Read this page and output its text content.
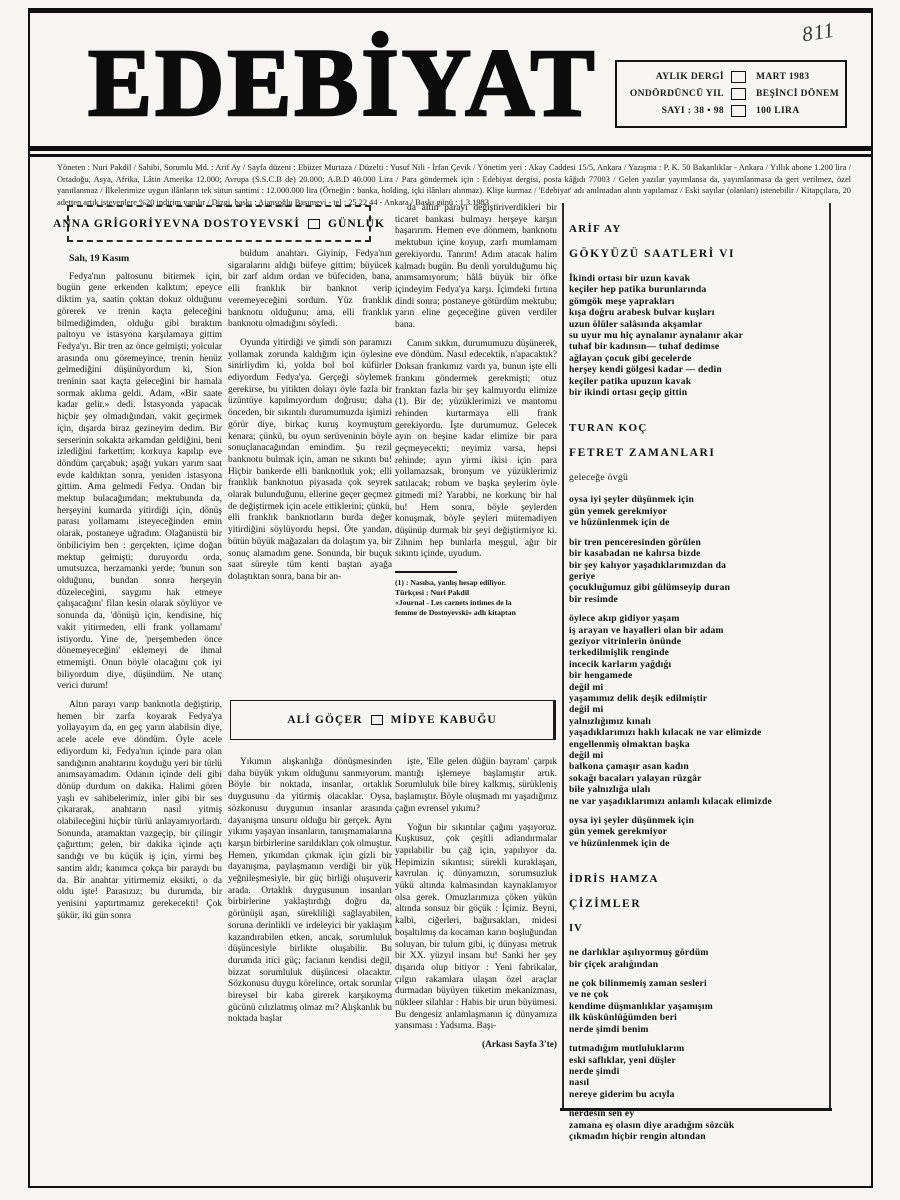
811
EDEBİYAT	AYLIK DERGİ	MART 1983
ONDÖRDÜNCÜ YIL	BEŞİNCİ DÖNEM
SAYI : 38 • 98	100 LIRA
Yöneten : Nuri Pakdil / Sahibi, Sorumlu Md. : Arif Ay / Sayfa düzeni : Ebüzer Murtaza / Düzelti : Yusuf Nili - İrfan Çevik / Yönetim yeri : Akay Caddesi 15/5, Ankara / Yazışma : P. K. 50 Bakanlıklar - Ankara / Yıllık abone 1.200 lira / Ortadoğu, Asya, Afrika, Lâtin Amerika 12.000; Avrupa (S.S.C.B de) 20.000; A.B.D 40.000 Lira / Para göndermek için : Edebiyat dergisi, posta kâğıdı 77003 / Gelen yazılar yayımlansa da, yayımlanmasa da geri verilmez, özel yanıtlanmaz / İlkelerimize uygun ilânların tek sütun santimi : 12.000.000 lira (Örneğin : banka, holding, içki ilânları alınmaz). Klişe kurmaz / 'Edebiyat' adı anılmadan alıntı yapılamaz / Eski sayılar (olanları) istenebilir / Kitapçılara, 20 adetten artık isteyenlere %20 indirim yapılır / Dizgi, baskı : Ajansoğlu Basımevi - tel : 25 22 44 - Ankara / Baskı günü : 1.3.1983
ANNA GRİGORİYEVNA DOSTOYEVSKİ GÜNLÜK

Salı, 19 Kasım

Fedya'nın paltosunu bitirmek için, bugün gene erkenden kalktım; epeyce diktim ya, saatin çoktan dokuz olduğunu görerek ve trenin kaçta geleceğini bilmediğimden, olduğu gibi bıraktım paltoyu ve istasyona karşılamaya gittim Fedya'yı. Bir tren az önce gelmişti; yolcular arasında onu göremeyince, trenin henüz gelmediğini düşünüyordum ki, Sion treninin saat kaçta geleceğini bir hamala sormak aklıma geldi. Adam, «Bir saate kadar gelir.» dedi. İstasyonda yapacak hiçbir şey olmadığından, vakit geçirmek için, dışarda biraz gezineyim dedim. Bir serserinin sokakta arkamdan geldiğini, beni izlediğini farkettim; korkuya kapılıp eve döndüm çarçabuk; aşağı yukarı yarım saat evde kaldıktan sonra, yeniden istasyona gittim. Ama gelmedi Fedya. Ondan bir mektup bulacağımdan; mektubunda da, herşeyini kumarda yitirdiği için, dönüş parası yollamamı isteyeceğinden emin olarak, postaneye uğradım. Olağanüstü bir önbiliciyim ben : gerçekten, içime doğan mektup gelmişti; duruyordu orda, umutsuzca, herzamanki yerde; 'bunun son olduğunu, bundan sonra herşeyin düzeleceğini, saygımı hak etmeye çalışacağını' filan kesin olarak söylüyor ve sonunda da, 'dönüşü için, kendisine, hiç vakit yitirmeden, elli frank yollamamı' istiyordu. Yine de, 'perşembeden önce dönemeyeceğini' eklemeyi de ihmal etmemişti. Onun böyle olacağını çok iyi biliyordum diye, düşündüm. Ne utanç verici durum!

Altın parayı varıp banknotla değiştirip, hemen bir zarfa koyarak Fedya'ya yollayayım da, en geç yarın alabilsin diye, acele acele eve döndüm. Öyle acele ediyordum ki, Fedya'nın içinde para olan sandığının anahtarını koyduğu yeri bir türlü anımsayamadım. Odanın içinde deli gibi dönüp durdum on dakika. Halimi gören yaşlı ev sahibelerimiz, inler gibi bir ses çıkararak, anahtarın nasıl yitmiş olabileceğini hiçbir türlü anlayamıyorlardı. Sonunda, aramaktan vazgeçip, bir çilingir çağırttım; gelen, bir dakika içinde açtı sandığı ve bu küçük iş için, yirmi beş santim aldı; kanımca çokça bir paraydı bu da. Bir anahtar yitirmemiz eksikti, o da oldu işte! Parasızız; bu durumda, bir yenisini yaptırtmamız gerekecekti! Çok şükür, iki gün sonra

buldum anahtarı. Giyinip, Fedya'nın sigaralarını aldığı büfeye gittim; büyücek bir zarf aldım ordan ve büfeciden, bana, elli franklık bir banknot verip veremeyeceğini sordum. Yüz franklık banknotu olduğunu; ama, elli franklık banknotu olmadığını söyledi.

Oyunda yitirdiği ve şimdi son paramızı yollamak zorunda kaldığım için öylesine sinirliydim ki, yolda bol bol küfürler ediyordum Fedya'ya. Gerçeği söylemek gerekirse, bu yitikten dolayı öyle fazla bir üzüntüye kapılmıyordum doğrusu; daha önceden, bir sıkıntılı durumumuzda işimizi görür diye, birkaç kuruş koymuştum kenara; çünkü, bu oyun serüveninin böyle sonuçlanacağından emindim. Şu rezil banknotu bulmak için, aman ne sıkıntı bu! Hiçbir bankerde elli banknotluk yok; elli franklık banknotun piyasada çok seyrek olarak bulunduğunu, ellerine geçer geçmez de değiştirmek için acele ettiklerini; çünkü, elli franklık banknotların burda değer yitirdiğini söylüyordu hepsi. Öte yandan, bütün büyük mağazaları da dolaştım ya, bir sonuç alamadım gene. Sonunda, bir buçuk saat süreyle tüm kenti baştan ayağa dolaştıktan sonra, bana bir an-

da altın parayı değiştiriverdikleri bir ticaret bankası bulmayı herşeye karşın başarırım. Hemen eve dönmem, banknotu mektubun içine koyup, zarfı mumlamam gerekiyordu. Tanrım! Adım atacak halim kalmadı bugün. Bu denli yorulduğumu hiç anımsamıyorum; hâlâ büyük bir öfke içindeyim Fedya'ya karşı. İçimdeki fırtına dindi sonra; postaneye götürdüm mektubu; yarın eline geçeceğine güven verdiler bana.

Canım sıkkın, durumumuzu düşünerek, eve döndüm. Nasıl edecektik, n'apacaktık? Doksan frankımız vardı ya, bunun işte elli frankını göndermek gerekmişti; otuz franktan fazla bir şey kalmıyordu elimize (1). Bir de; yüzüklerimizi ve mantomu rehinden kurtarmaya elli frank gerekiyordu. İşte durumumuz. Gelecek ayın on beşine kadar elimize bir para geçmeyecekti; neyimiz varsa, hepsi rehinde; ayın yirmi ikisi için para yollamazsak, bronşum ve yüzüklerimiz satılacak; robum ve başka şeylerim öyle gitmedi mi? Yarabbi, ne korkunç bir hal bu! Hem sonra, böyle şeylerden konuşmak, böyle şeyleri mütemadiyen düşünüp durmak bir şeyi değiştirmiyor ki. Zihnim hep bunlarla meşgul, ağır bir sıkıntı içinde, uyudum.

(1) : Nasılsa, yanlış hesap ediliyor.

Türkçesi : Nuri Pakdil

«Journal - Les carnets intimes de la

femme de Dostoyevski» adlı kitaptan

ALİ GÖÇER MİDYE KABUĞU

Yıkımın alışkanlığa dönüşmesinden daha büyük yıkım olduğunu sanmıyorum. Böyle bir noktada, insanlar, ortaklık duygusunu da yitirmiş olacaklar. Oysa, sözkonusu duygunun insanlar arasında dayanışma unsuru olduğu bir gerçek. Aynı yıkımı yaşayan insanların, tanışmamalarına karşın birbirlerine sarıldıkları çok olmuştur. Hemen, yıkımdan çıkmak için gizli bir dayanışma, paylaşmanın verdiği bir yük yeğnileşmesiyle, bir güç birliği oluşuverir arada. Ortaklık duygusunun insanları birbirlerine yaklaştırdığı doğru da, görünüşü aşan, sürekliliği sağlayabilen, soruna derinlikli ve irdeleyici bir yaklaşım kazandırabilen etken, ancak, sorumluluk düşüncesiyle birlikte oluşabilir. Bu durumda itici güç; facianın kendisi değil, bizzat sorumluluk düşüncesi olacaktır. Sözkonusu duygu körelince, ortak sorunlar bireysel bir kaba girerek karşıkoyma gücünü cılızlatmış olmaz mı? Alışkanlık bu noktada başlar

işte, 'Elle gelen düğün bayram' çarpık mantığı işlemeye başlamıştır artık. Sorumluluk bile birey kalkmış, sürükleniş başlamıştır. Böyle oluşmadı mı yaşadığınız çağın evrensel yıkımı?

Yoğun bir sıkıntılar çağını yaşıyoruz. Kuşkusuz, çok çeşitli adlandırmalar yapılabilir bu çağ için, yapılıyor da. Hepimizin sıkıntısı; sürekli kuraklaşan, kavrulan iç dünyamızın, sorumsuzluk yükü altında kalmasından kaynaklanıyor olsa gerek. Omuzlarımıza çöken yükün altında sonsuz bir göçük : İçimiz. Beyni, kalbi, ciğerleri, bağırsakları, midesi boşaltılmış da kocaman karın boşluğundan soluyan, bir tulum gibi, iç dünyası metruk bir XX. yüzyıl insanı bu! Sanki her şey dışarıda olup bitiyor : Yeni fabrikalar, çılgın rakamlara ulaşan özel araçlar durmadan büyüyen tüketim mekanizması, nükleer silahlar : Habis bir urun büyümesi. Bu dengesiz anlamlaşmanın iç dünyamıza yansıması : Yadsıma. Başı-

(Arkası Sayfa 3'te)
ARİF AY
GÖKYÜZÜ SAATLERİ VI
İkindi ortası bir uzun kavak
keçiler hep patika burunlarında
gömgök meşe yaprakları
kışa doğru arabesk bulvar kuşları
uzun ölüler salâsında akşamlar
su uyur mu hiç aynalanır aynalanır akar
tuhaf bir kadınsın— tuhaf dedimse
ağlayan çocuk gibi gecelerde
herşey kendi gölgesi kadar — dedin
keçiler patika upuzun kavak
bir ikindi ortası geçip gittin
TURAN KOÇ
FETRET ZAMANLARI
geleceğe övgü
oysa iyi şeyler düşünmek için
gün yemek gerekmiyor
ve hüzünlenmek için de
bir tren penceresinden görülen
bir kasabadan ne kalırsa bizde
bir şey kalıyor yaşadıklarımızdan da
geriye
çocukluğumuz gibi gülümseyip duran
bir resimde
öylece akıp gidiyor yaşam
iş arayan ve hayalleri olan bir adam
geziyor vitrinlerin önünde
terkedilmişlik renginde
incecik karların yağdığı
bir hengamede
değil mi
yaşamımız delik deşik edilmiştir
değil mi
yalnızlığımız kınalı
yaşadıklarımızı haklı kılacak ne var elimizde
engellenmiş olmaktan başka
değil mi
balkona çamaşır asan kadın
sokağı bacaları yalayan rüzgâr
bile yalnızlığa ulalı
ne var yaşadıklarımızı anlamlı kılacak elimizde
oysa iyi şeyler düşünmek için
gün yemek gerekmiyor
ve hüzünlenmek için de
İDRİS HAMZA
ÇİZİMLER
IV
ne darlıklar aşılıyormuş gördüm
bir çiçek aralığından
ne çok bilinmemiş zaman sesleri
ve ne çok
kendime düşmanlıklar yaşamışım
ilk küskünlüğümden beri
nerde şimdi benim
tutmadığım mutluluklarım
eski saflıklar, yeni düşler
nerde şimdi
nasıl
nereye giderim bu acıyla
nerdesin sen ey
zamana eş olasın diye aradığım sözcük
çıkmadın hiçbir rengin altından
